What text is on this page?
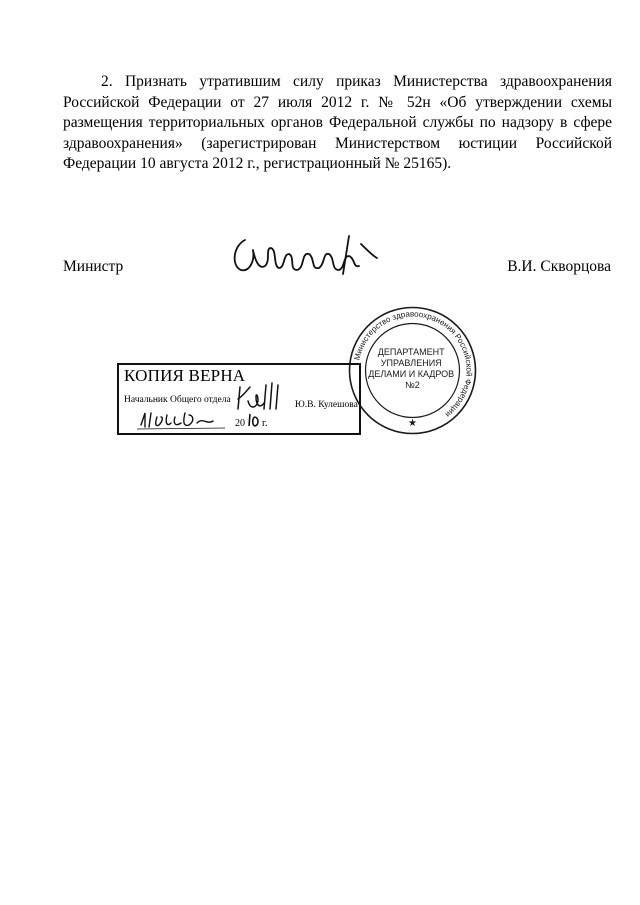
2. Признать утратившим силу приказ Министерства здравоохранения Российской Федерации от 27 июля 2012 г. № 52н «Об утверждении схемы размещения территориальных органов Федеральной службы по надзору в сфере здравоохранения» (зарегистрирован Министерством юстиции Российской Федерации 10 августа 2012 г., регистрационный № 25165).

Министр	В.И. Скворцова
Министерство здравоохранения Российской Федерации
★
ДЕПАРТАМЕНТ УПРАВЛЕНИЯ ДЕЛАМИ И КАДРОВ №2
КОПИЯ ВЕРНА
Начальник Общего отдела	Ю.В. Кулешова
20 г.
